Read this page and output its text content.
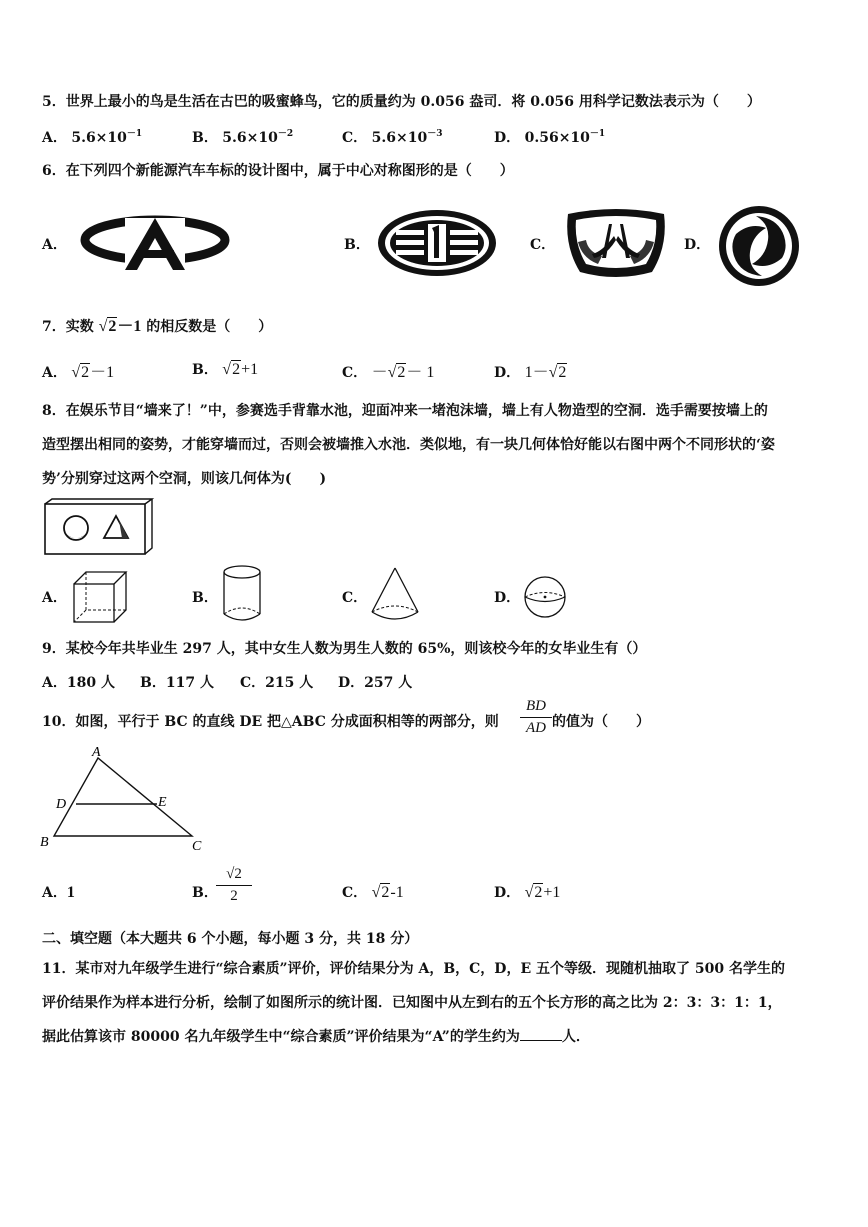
5．世界上最小的鸟是生活在古巴的吸蜜蜂鸟，它的质量约为 0.056 盎司．将 0.056 用科学记数法表示为（　　）
A． $5.6\times 10^{-1}$	B． $5.6\times 10^{-2}$	C． $5.6\times 10^{-3}$	D． $0.56\times 10^{-1}$
6．在下列四个新能源汽车车标的设计图中，属于中心对称图形的是（　　）
A．	B．	C．	D．
7．实数 √2－1 的相反数是（　　）
A． √2－1	B． √2+1	C． －√2－ 1	D． 1－√2
8．在娱乐节目“墙来了！”中，参赛选手背靠水池，迎面冲来一堵泡沫墙，墙上有人物造型的空洞．选手需要按墙上的
造型摆出相同的姿势，才能穿墙而过，否则会被墙推入水池．类似地，有一块几何体恰好能以右图中两个不同形状的‘姿
势’分别穿过这两个空洞，则该几何体为(　　)
A．	B．	C．	D．
9．某校今年共毕业生 297 人，其中女生人数为男生人数的 65%，则该校今年的女毕业生有（）
A．180 人 B．117 人 C．215 人 D．257 人
10．如图，平行于 BC 的直线 DE 把△ABC 分成面积相等的两部分，则
BD
AD 的值为（　　）
A
D	E
B	C
A．1	B．
√2
2	C． √2-1	D． √2+1
二、填空题（本大题共 6 个小题，每小题 3 分，共 18 分）
11．某市对九年级学生进行“综合素质”评价，评价结果分为 A，B，C，D，E 五个等级．现随机抽取了 500 名学生的
评价结果作为样本进行分析，绘制了如图所示的统计图．已知图中从左到右的五个长方形的高之比为 2：3：3：1：1，
据此估算该市 80000 名九年级学生中“综合素质”评价结果为“A”的学生约为	人．
